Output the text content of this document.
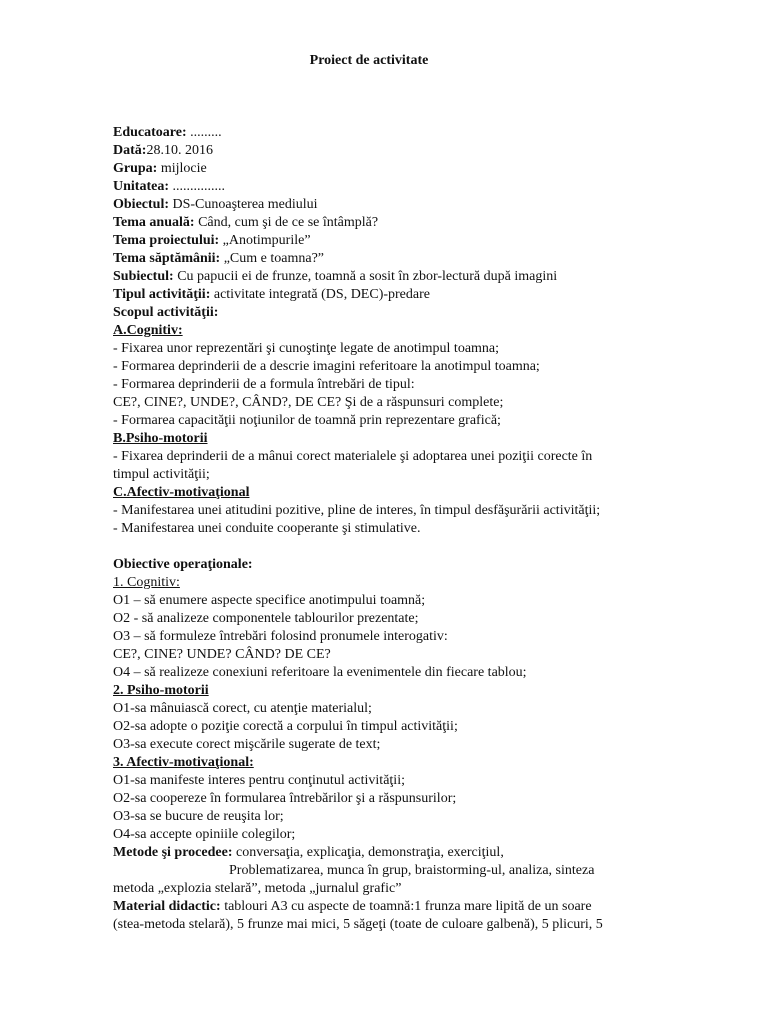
Proiect de activitate
Educatoare: .........
Dată:28.10. 2016
Grupa: mijlocie
Unitatea: ...............
Obiectul: DS-Cunoaşterea mediului
Tema anuală: Când, cum şi de ce se întâmplă?
Tema proiectului: „Anotimpurile”
Tema săptămânii: „Cum e toamna?”
Subiectul: Cu papucii ei de frunze, toamnă a sosit în zbor-lectură după imagini
Tipul activităţii: activitate integrată (DS, DEC)-predare
Scopul activităţii:
A.Cognitiv:
- Fixarea unor reprezentări şi cunoştinţe legate de anotimpul toamna;
- Formarea deprinderii de a descrie imagini referitoare la anotimpul toamna;
- Formarea deprinderii de a formula întrebări de tipul:
CE?, CINE?, UNDE?, CÂND?, DE CE? Şi de a răspunsuri complete;
- Formarea capacităţii noţiunilor de toamnă prin reprezentare grafică;
B.Psiho-motorii
- Fixarea deprinderii de a mânui corect materialele şi adoptarea unei poziţii corecte în
timpul activităţii;
C.Afectiv-motivaţional
- Manifestarea unei atitudini pozitive, pline de interes, în timpul desfăşurării activităţii;
- Manifestarea unei conduite cooperante şi stimulative.
Obiective operaţionale:
1. Cognitiv:
O1 – să enumere aspecte specifice anotimpului toamnă;
O2 - să analizeze componentele tablourilor prezentate;
O3 – să formuleze întrebări folosind pronumele interogativ:
CE?, CINE? UNDE? CÂND? DE CE?
O4 – să realizeze conexiuni referitoare la evenimentele din fiecare tablou;
2. Psiho-motorii
O1-sa mânuiască corect, cu atenţie materialul;
O2-sa adopte o poziţie corectă a corpului în timpul activităţii;
O3-sa execute corect mişcările sugerate de text;
3. Afectiv-motivaţional:
O1-sa manifeste interes pentru conţinutul activităţii;
O2-sa coopereze în formularea întrebărilor şi a răspunsurilor;
O3-sa se bucure de reuşita lor;
O4-sa accepte opiniile colegilor;
Metode şi procedee: conversaţia, explicaţia, demonstraţia, exerciţiul,
Problematizarea, munca în grup, braistorming-ul, analiza, sinteza
metoda „explozia stelară”, metoda „jurnalul grafic”
Material didactic: tablouri A3 cu aspecte de toamnă:1 frunza mare lipită de un soare
(stea-metoda stelară), 5 frunze mai mici, 5 săgeţi (toate de culoare galbenă), 5 plicuri, 5
